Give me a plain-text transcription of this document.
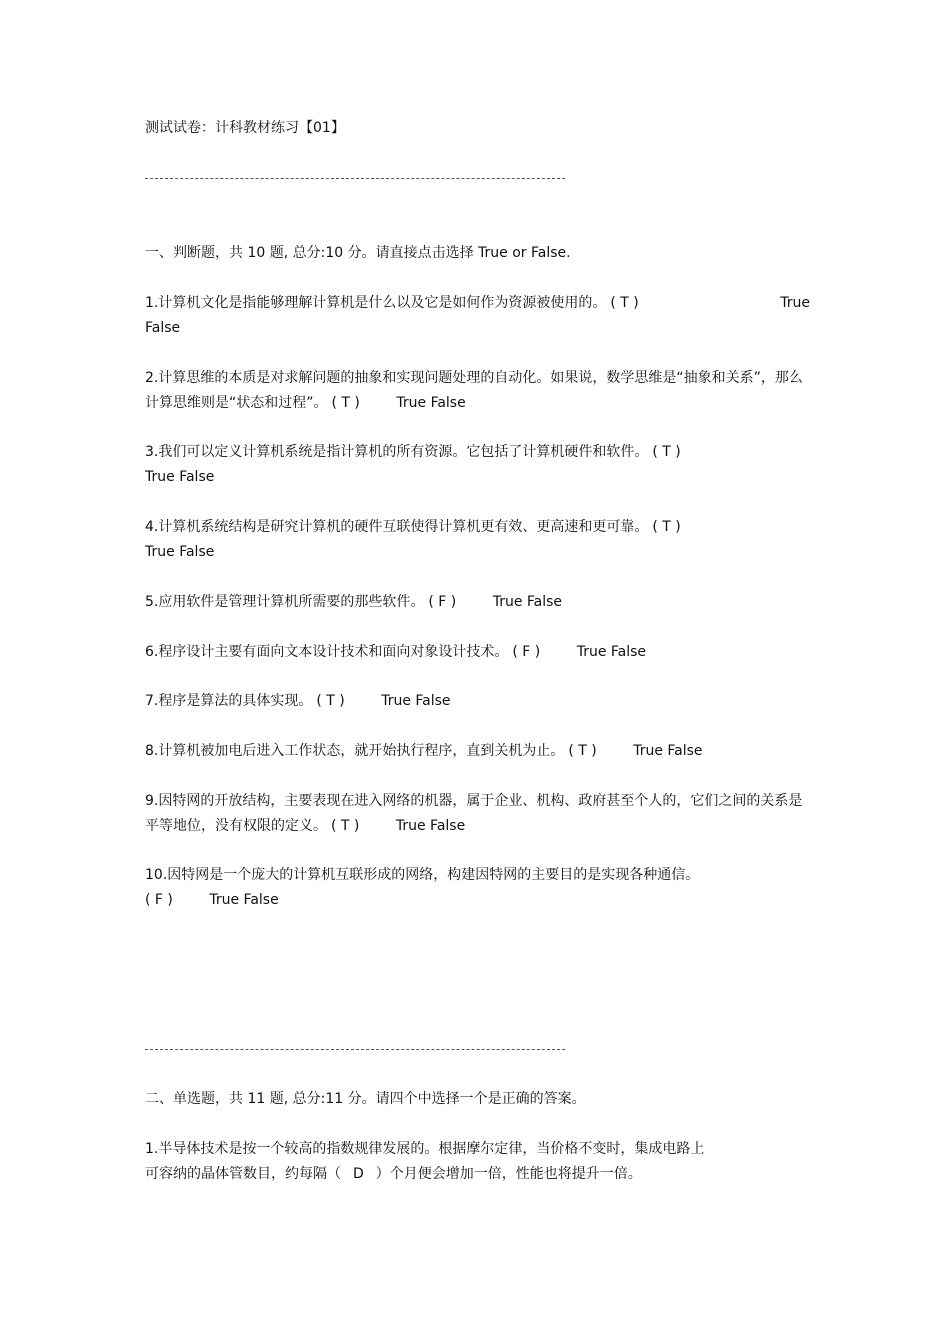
测试试卷：计科教材练习【01】
一、判断题，共 10 题, 总分:10 分。请直接点击选择 True or False.
1.计算机文化是指能够理解计算机是什么以及它是如何作为资源被使用的。 ( T )	True

False
2.计算思维的本质是对求解问题的抽象和实现问题处理的自动化。如果说，数学思维是“抽象和关系”，那么计算思维则是“状态和过程”。 ( T )	True False
3.我们可以定义计算机系统是指计算机的所有资源。它包括了计算机硬件和软件。 ( T )
True False
4.计算机系统结构是研究计算机的硬件互联使得计算机更有效、更高速和更可靠。 ( T )
True False
5.应用软件是管理计算机所需要的那些软件。 ( F )	True False
6.程序设计主要有面向文本设计技术和面向对象设计技术。 ( F )	True False
7.程序是算法的具体实现。 ( T )	True False
8.计算机被加电后进入工作状态，就开始执行程序，直到关机为止。 ( T )	True False
9.因特网的开放结构，主要表现在进入网络的机器，属于企业、机构、政府甚至个人的，它们之间的关系是平等地位，没有权限的定义。 ( T )	True False
10.因特网是一个庞大的计算机互联形成的网络，构建因特网的主要目的是实现各种通信。
( F )	True False
二、单选题，共 11 题, 总分:11 分。请四个中选择一个是正确的答案。
1.半导体技术是按一个较高的指数规律发展的。根据摩尔定律，当价格不变时，集成电路上
可容纳的晶体管数目，约每隔（ D ）个月便会增加一倍，性能也将提升一倍。
